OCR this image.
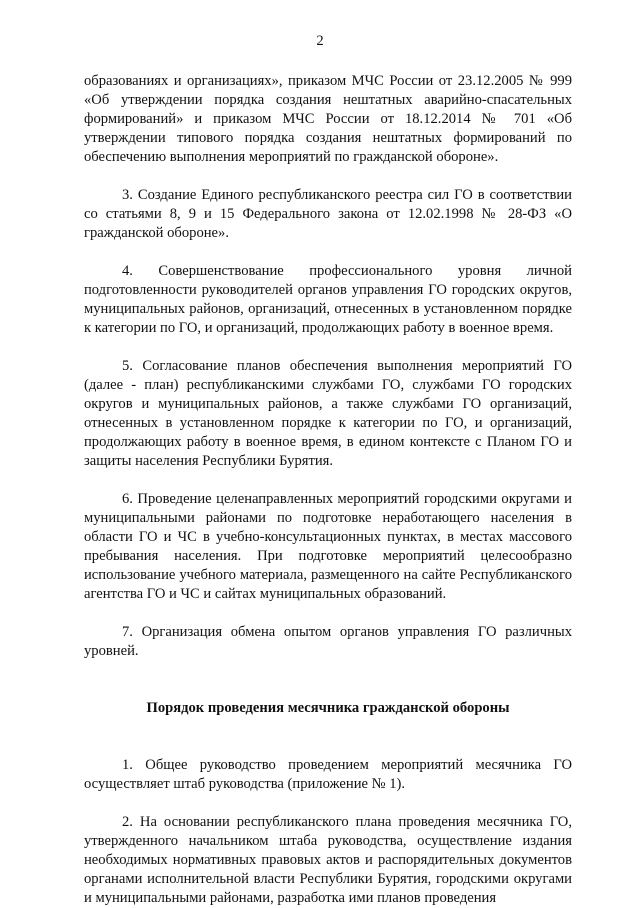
2

образованиях и организациях», приказом МЧС России от 23.12.2005 № 999 «Об утверждении порядка создания нештатных аварийно-спасательных формирований» и приказом МЧС России от 18.12.2014 № 701 «Об утверждении типового порядка создания нештатных формирований по обеспечению выполнения мероприятий по гражданской обороне».

3. Создание Единого республиканского реестра сил ГО в соответствии со статьями 8, 9 и 15 Федерального закона от 12.02.1998 № 28-ФЗ «О гражданской обороне».

4. Совершенствование профессионального уровня личной подготовленности руководителей органов управления ГО городских округов, муниципальных районов, организаций, отнесенных в установленном порядке к категории по ГО, и организаций, продолжающих работу в военное время.

5. Согласование планов обеспечения выполнения мероприятий ГО (далее - план) республиканскими службами ГО, службами ГО городских округов и муниципальных районов, а также службами ГО организаций, отнесенных в установленном порядке к категории по ГО, и организаций, продолжающих работу в военное время, в едином контексте с Планом ГО и защиты населения Республики Бурятия.

6. Проведение целенаправленных мероприятий городскими округами и муниципальными районами по подготовке неработающего населения в области ГО и ЧС в учебно-консультационных пунктах, в местах массового пребывания населения. При подготовке мероприятий целесообразно использование учебного материала, размещенного на сайте Республиканского агентства ГО и ЧС и сайтах муниципальных образований.

7. Организация обмена опытом органов управления ГО различных уровней.

Порядок проведения месячника гражданской обороны

1. Общее руководство проведением мероприятий месячника ГО осуществляет штаб руководства (приложение № 1).

2. На основании республиканского плана проведения месячника ГО, утвержденного начальником штаба руководства, осуществление издания необходимых нормативных правовых актов и распорядительных документов органами исполнительной власти Республики Бурятия, городскими округами и муниципальными районами, разработка ими планов проведения
